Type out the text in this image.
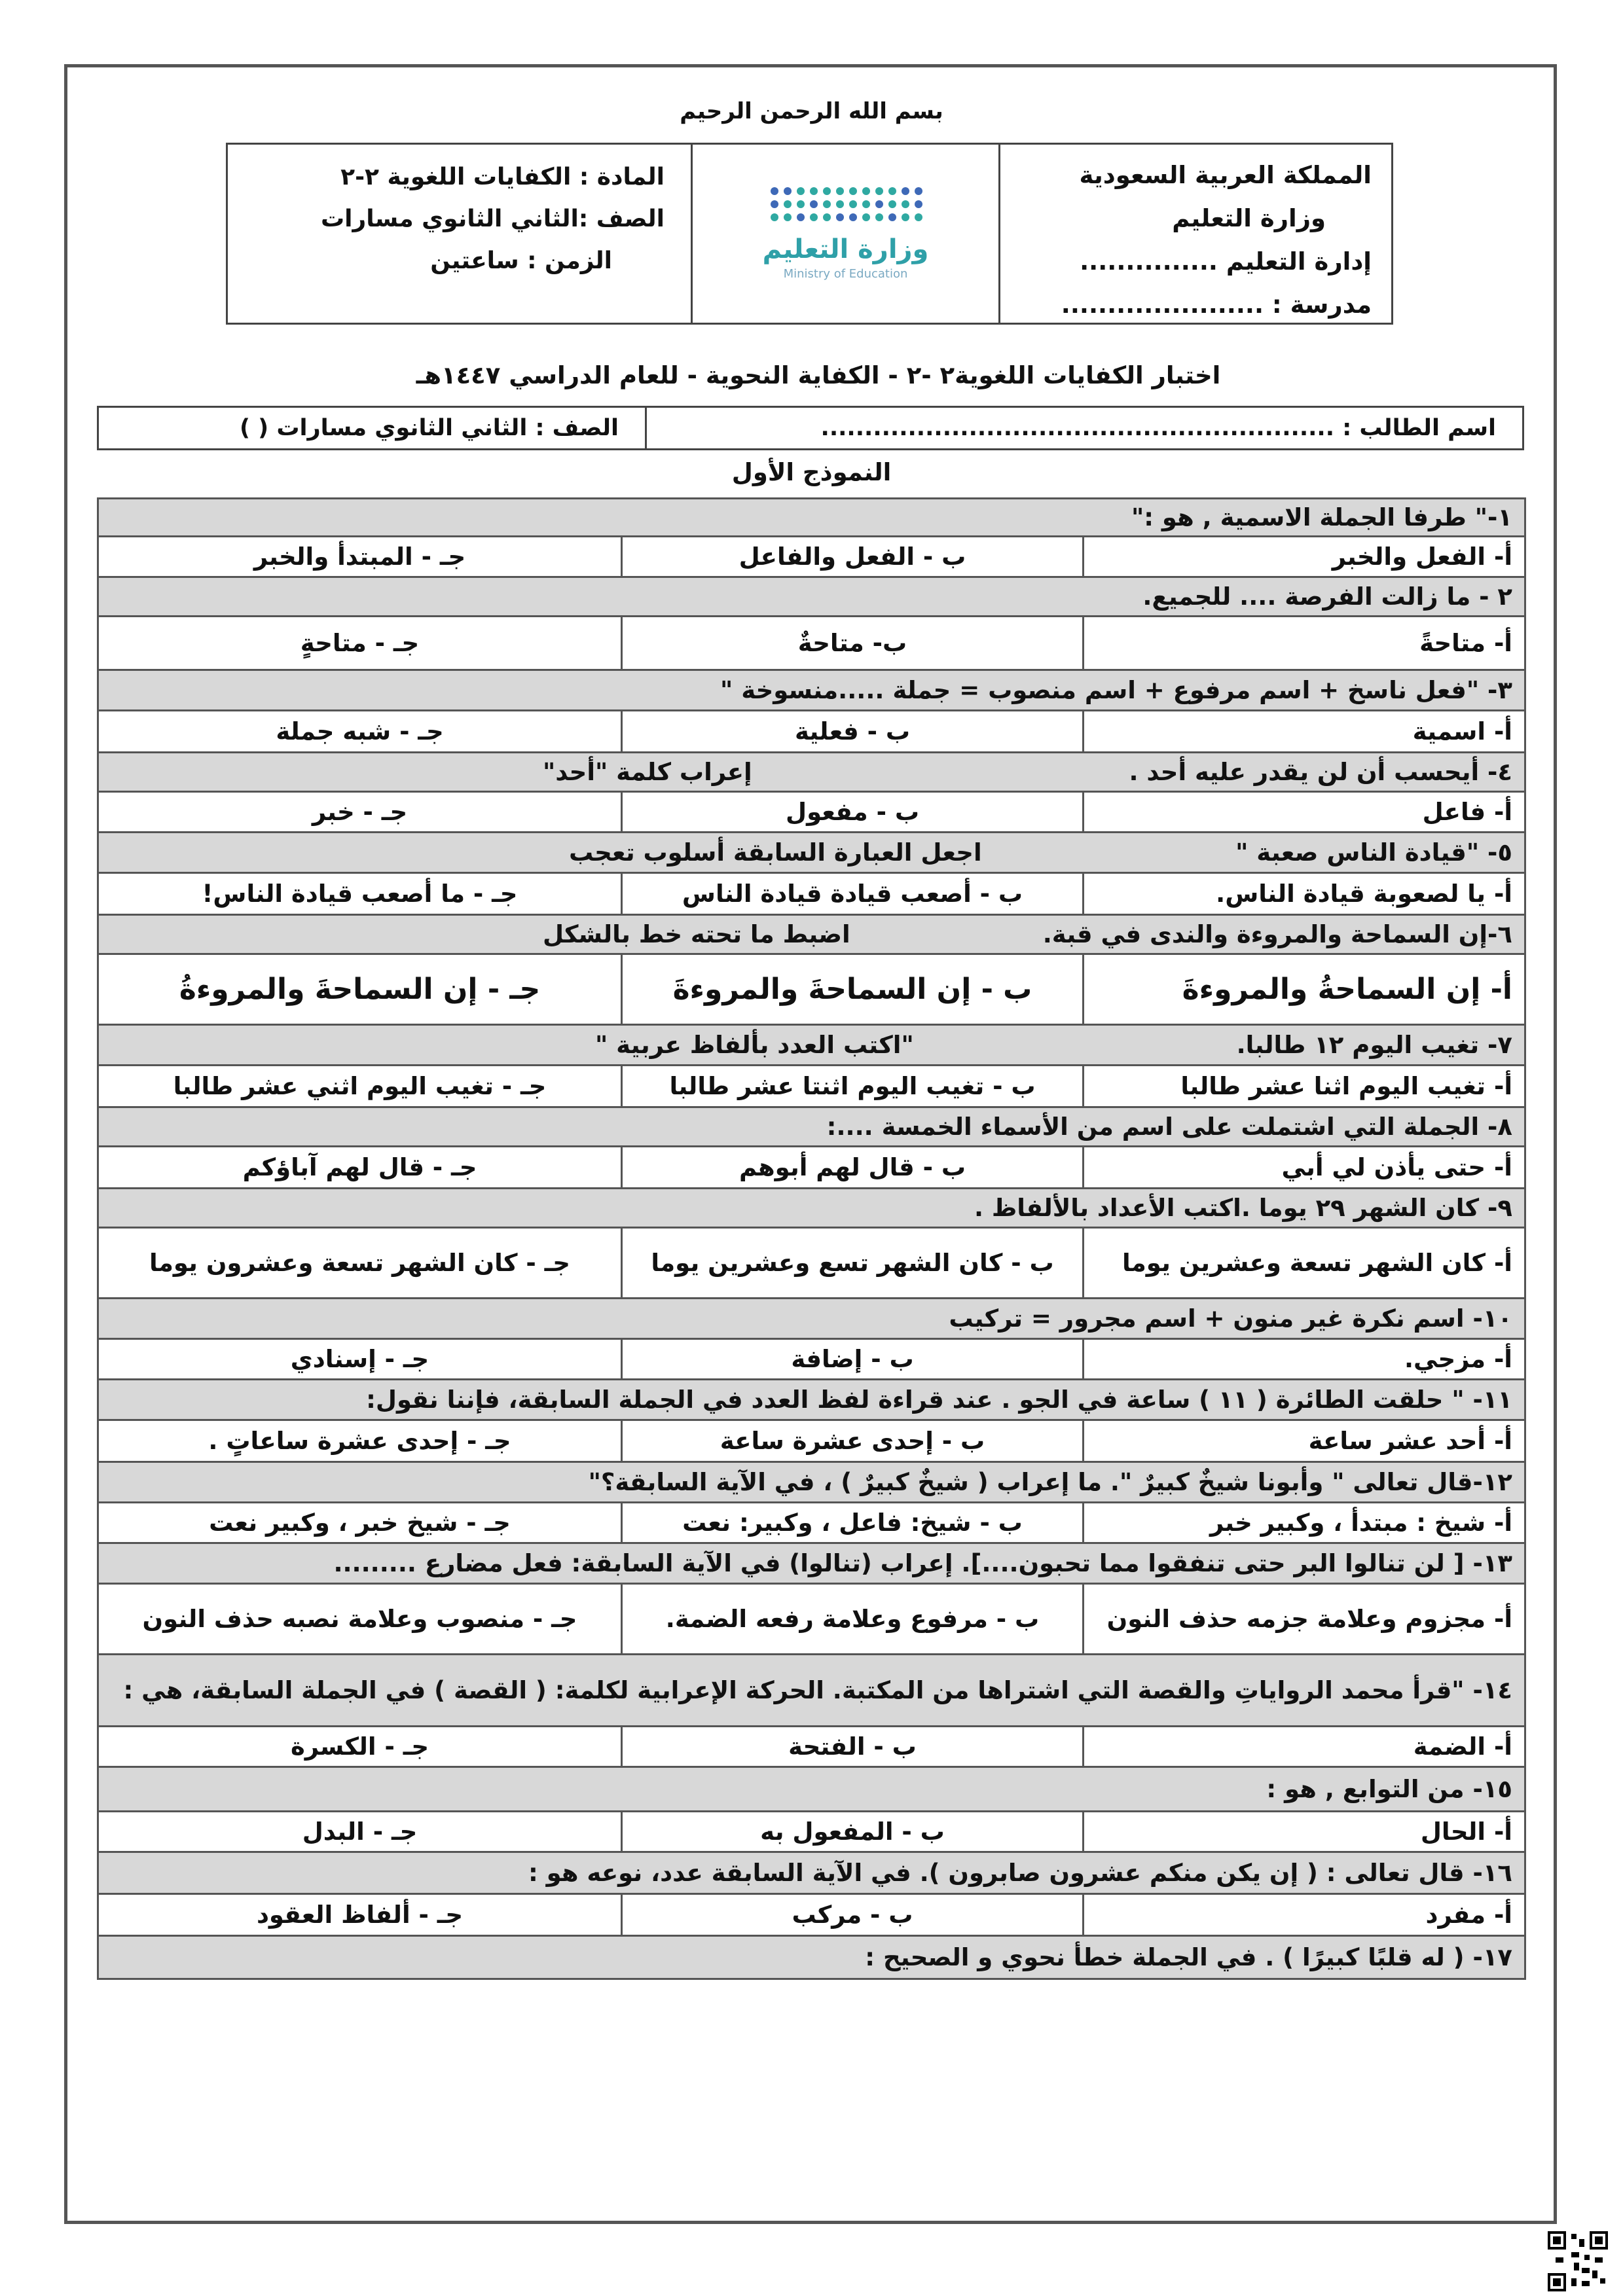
بسم الله الرحمن الرحيم
المملكة العربية السعودية
وزارة التعليم
إدارة التعليم ...............
مدرسة : ......................
وزارة التعليم
Ministry of Education
المادة : الكفايات اللغوية ٢-٢
الصف :الثاني الثانوي مسارات
الزمن : ساعتين
اختبار الكفايات اللغوية٢ -٢ - الكفاية النحوية - للعام الدراسي ١٤٤٧هـ
اسم الطالب : ...........................................................
الصف : الثاني الثانوي مسارات ( )
النموذج الأول
١-" طرفا الجملة الاسمية , هو :"		
أ- الفعل والخبر	ب - الفعل والفاعل	جـ - المبتدأ والخبر
٢ - ما زالت الفرصة .... للجميع.		
أ- متاحةً	ب- متاحةٌ	جـ - متاحةٍ
٣- "فعل ناسخ + اسم مرفوع + اسم منصوب = جملة .....منسوخة "		
أ- اسمية	ب - فعلية	جـ - شبه جملة

٤- أيحسب أن لن يقدر عليه أحد .
إعراب كلمة "أحد"		

أ- فاعل	ب - مفعول	جـ - خبر

٥- "قيادة الناس صعبة "
اجعل العبارة السابقة أسلوب تعجب		

أ- يا لصعوبة قيادة الناس.	ب - أصعب قيادة قيادة الناس	جـ - ما أصعب قيادة الناس!

٦-إن السماحة والمروءة والندى في قبة.
اضبط ما تحته خط بالشكل		

أ- إن السماحةُ والمروءةَ	ب - إن السماحةَ والمروءةَ	جـ - إن السماحةَ والمروءةُ

٧- تغيب اليوم ١٢ طالبا.
"اكتب العدد بألفاظ عربية "		

أ- تغيب اليوم اثنا عشر طالبا	ب - تغيب اليوم اثنتا عشر طالبا	جـ - تغيب اليوم اثني عشر طالبا
٨- الجملة التي اشتملت على اسم من الأسماء الخمسة ....:		
أ- حتى يأذن لي أبي	ب - قال لهم أبوهم	جـ - قال لهم آباؤكم
٩- كان الشهر ٢٩ يوما .اكتب الأعداد بالألفاظ .		
أ- كان الشهر تسعة وعشرين يوما	ب - كان الشهر تسع وعشرين يوما	جـ - كان الشهر تسعة وعشرون يوما
١٠- اسم نكرة غير منون + اسم مجرور = تركيب		
أ- مزجي.	ب - إضافة	جـ - إسنادي
١١- " حلقت الطائرة ( ١١ ) ساعة في الجو . عند قراءة لفظ العدد في الجملة السابقة، فإننا نقول:		
أ- أحد عشر ساعة	ب - إحدى عشرة ساعة	جـ - إحدى عشرة ساعاتٍ .
١٢-قال تعالى " وأبونا شيخٌ كبيرٌ ". ما إعراب ( شيخٌ كبيرٌ ) ، في الآية السابقة؟"		
أ- شيخ : مبتدأ ، وكبير خبر	ب - شيخ: فاعل ، وكبير: نعت	جـ - شيخ خبر ، وكبير نعت
١٣- [ لن تنالوا البر حتى تنفقوا مما تحبون....]. إعراب (تنالوا) في الآية السابقة: فعل مضارع .........		
أ- مجزوم وعلامة جزمه حذف النون	ب - مرفوع وعلامة رفعه الضمة.	جـ - منصوب وعلامة نصبه حذف النون
١٤- "قرأ محمد الرواياتِ والقصة التي اشتراها من المكتبة. الحركة الإعرابية لكلمة: ( القصة ) في الجملة السابقة، هي :		
أ- الضمة	ب - الفتحة	جـ - الكسرة
١٥- من التوابع , هو :		
أ- الحال	ب - المفعول به	جـ - البدل
١٦- قال تعالى : ( إن يكن منكم عشرون صابرون ). في الآية السابقة عدد، نوعه هو :		
أ- مفرد	ب - مركب	جـ - ألفاظ العقود
١٧- ( له قلبًا كبيرًا ) . في الجملة خطأ نحوي و الصحيح :		
